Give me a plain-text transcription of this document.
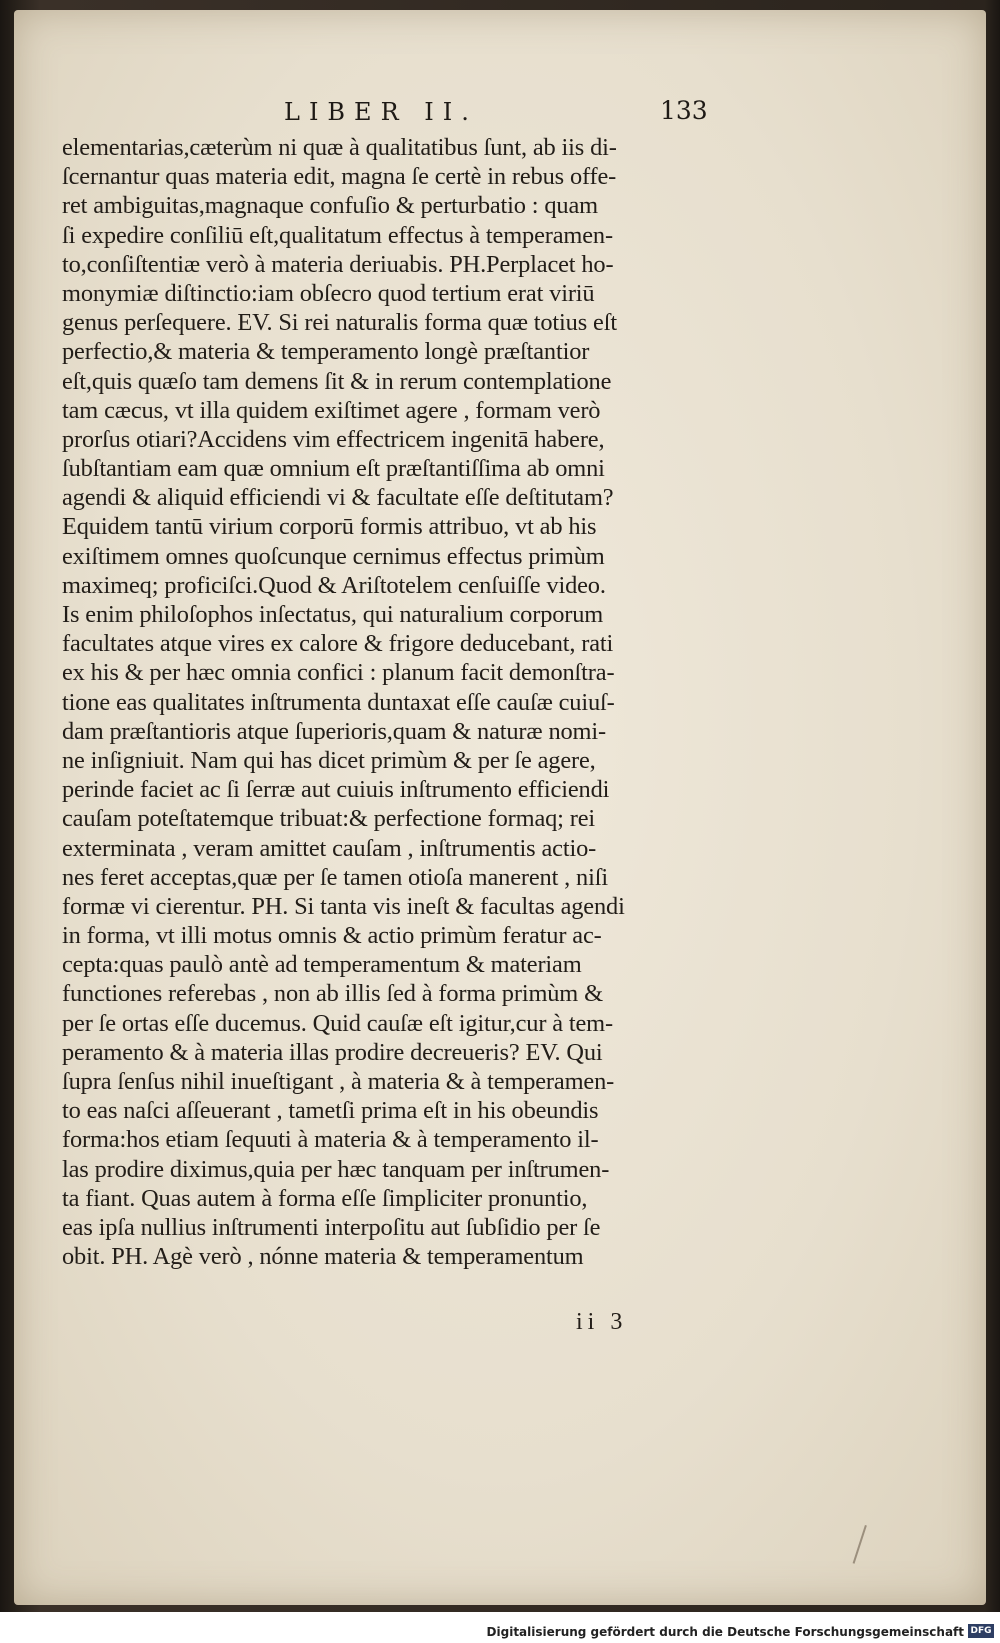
LIBER II.	133
elementarias,cæterùm ni quæ à qualitatibus ſunt, ab iis di-
ſcernantur quas materia edit, magna ſe certè in rebus offe-
ret ambiguitas,magnaque confuſio & perturbatio : quam
ſi expedire conſiliū eſt,qualitatum effectus à temperamen-
to,conſiſtentiæ verò à materia deriuabis. PH.Perplacet ho-
monymiæ diſtinctio:iam obſecro quod tertium erat viriū
genus perſequere. EV. Si rei naturalis forma quæ totius eſt
perfectio,& materia & temperamento longè præſtantior
eſt,quis quæſo tam demens ſit & in rerum contemplatione
tam cæcus, vt illa quidem exiſtimet agere , formam verò
prorſus otiari?Accidens vim effectricem ingenitā habere,
ſubſtantiam eam quæ omnium eſt præſtantiſſima ab omni
agendi & aliquid efficiendi vi & facultate eſſe deſtitutam?
Equidem tantū virium corporū formis attribuo, vt ab his
exiſtimem omnes quoſcunque cernimus effectus primùm
maximeq; proficiſci.Quod & Ariſtotelem cenſuiſſe video.
Is enim philoſophos inſectatus, qui naturalium corporum
facultates atque vires ex calore & frigore deducebant, rati
ex his & per hæc omnia confici : planum facit demonſtra-
tione eas qualitates inſtrumenta duntaxat eſſe cauſæ cuiuſ-
dam præſtantioris atque ſuperioris,quam & naturæ nomi-
ne inſigniuit. Nam qui has dicet primùm & per ſe agere,
perinde faciet ac ſi ſerræ aut cuiuis inſtrumento efficiendi
cauſam poteſtatemque tribuat:& perfectione formaq; rei
exterminata , veram amittet cauſam , inſtrumentis actio-
nes feret acceptas,quæ per ſe tamen otioſa manerent , niſi
formæ vi cierentur. PH. Si tanta vis ineſt & facultas agendi
in forma, vt illi motus omnis & actio primùm feratur ac-
cepta:quas paulò antè ad temperamentum & materiam
functiones referebas , non ab illis ſed à forma primùm &
per ſe ortas eſſe ducemus. Quid cauſæ eſt igitur,cur à tem-
peramento & à materia illas prodire decreueris? EV. Qui
ſupra ſenſus nihil inueſtigant , à materia & à temperamen-
to eas naſci aſſeuerant , tametſi prima eſt in his obeundis
forma:hos etiam ſequuti à materia & à temperamento il-
las prodire diximus,quia per hæc tanquam per inſtrumen-
ta fiant. Quas autem à forma eſſe ſimpliciter pronuntio,
eas ipſa nullius inſtrumenti interpoſitu aut ſubſidio per ſe
obit. PH. Agè verò , nónne materia & temperamentum
ii 3
Digitalisierung gefördert durch die Deutsche Forschungsgemeinschaft DFG
